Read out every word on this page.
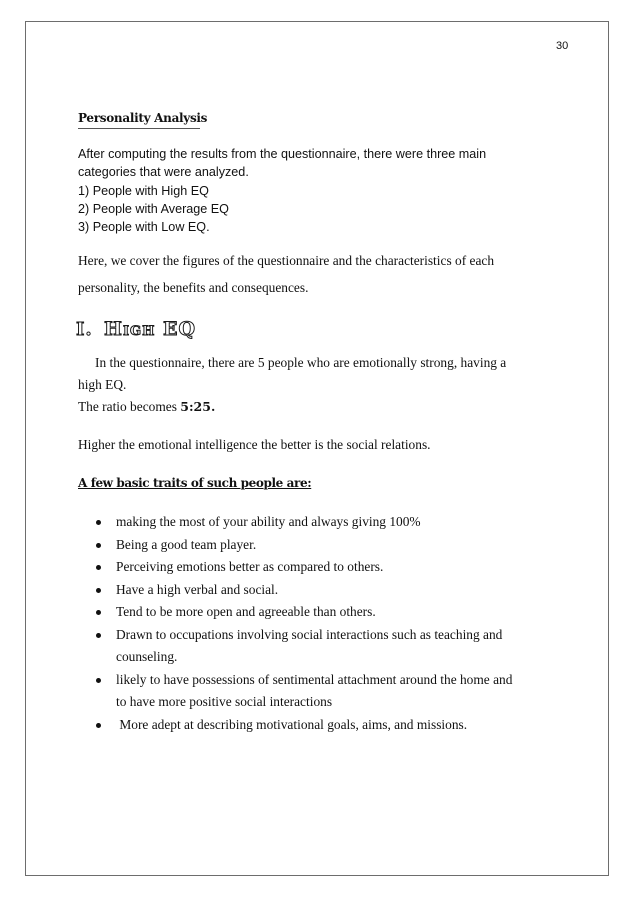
30
Personality Analysis
After computing the results from the questionnaire, there were three main
categories that were analyzed.
1) People with High EQ
2) People with Average EQ
3) People with Low EQ.
Here, we cover the figures of the questionnaire and the characteristics of each
personality, the benefits and consequences.
I. High EQ
In the questionnaire, there are 5 people who are emotionally strong, having a
high EQ.
The ratio becomes 5:25.
Higher the emotional intelligence the better is the social relations.
A few basic traits of such people are:
making the most of your ability and always giving 100%
Being a good team player.
Perceiving emotions better as compared to others.
Have a high verbal and social.
Tend to be more open and agreeable than others.
Drawn to occupations involving social interactions such as teaching and
counseling.
likely to have possessions of sentimental attachment around the home and
to have more positive social interactions
More adept at describing motivational goals, aims, and missions.
